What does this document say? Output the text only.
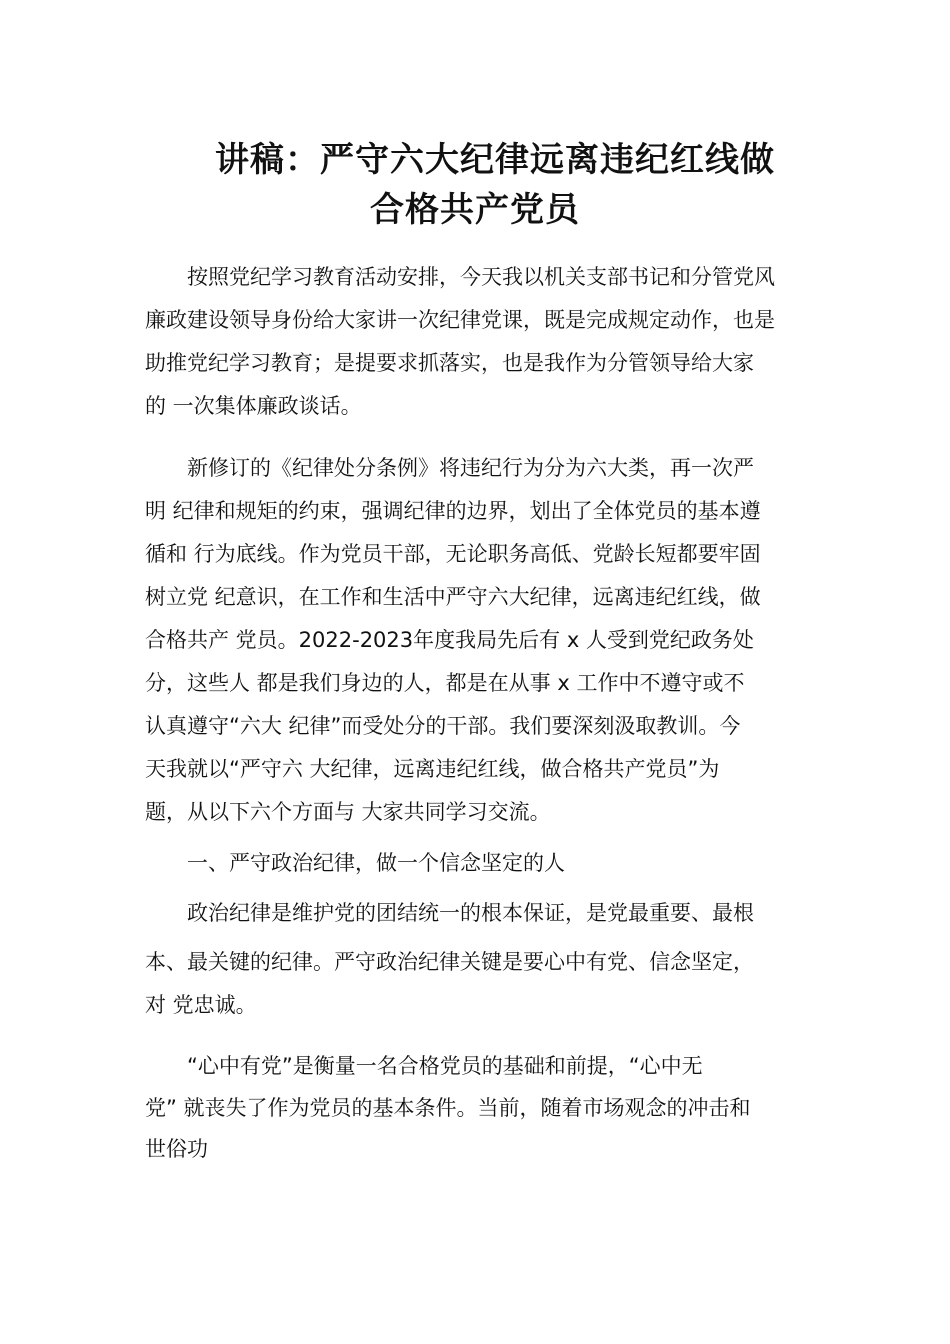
讲稿：严守六大纪律远离违纪红线做
合格共产党员
按照党纪学习教育活动安排，今天我以机关支部书记和分管党风
廉政建设领导身份给大家讲一次纪律党课，既是完成规定动作，也是
助推党纪学习教育；是提要求抓落实，也是我作为分管领导给大家
的 一次集体廉政谈话。
新修订的《纪律处分条例》将违纪行为分为六大类，再一次严
明 纪律和规矩的约束，强调纪律的边界，划出了全体党员的基本遵
循和 行为底线。作为党员干部，无论职务高低、党龄长短都要牢固
树立党 纪意识，在工作和生活中严守六大纪律，远离违纪红线，做
合格共产 党员。2022-2023年度我局先后有 x 人受到党纪政务处
分，这些人 都是我们身边的人，都是在从事 x 工作中不遵守或不
认真遵守“六大 纪律”而受处分的干部。我们要深刻汲取教训。今
天我就以“严守六 大纪律，远离违纪红线，做合格共产党员”为
题，从以下六个方面与 大家共同学习交流。
一、严守政治纪律，做一个信念坚定的人
政治纪律是维护党的团结统一的根本保证，是党最重要、最根
本、最关键的纪律。严守政治纪律关键是要心中有党、信念坚定，
对 党忠诚。
“心中有党”是衡量一名合格党员的基础和前提，“心中无
党” 就丧失了作为党员的基本条件。当前，随着市场观念的冲击和
世俗功
